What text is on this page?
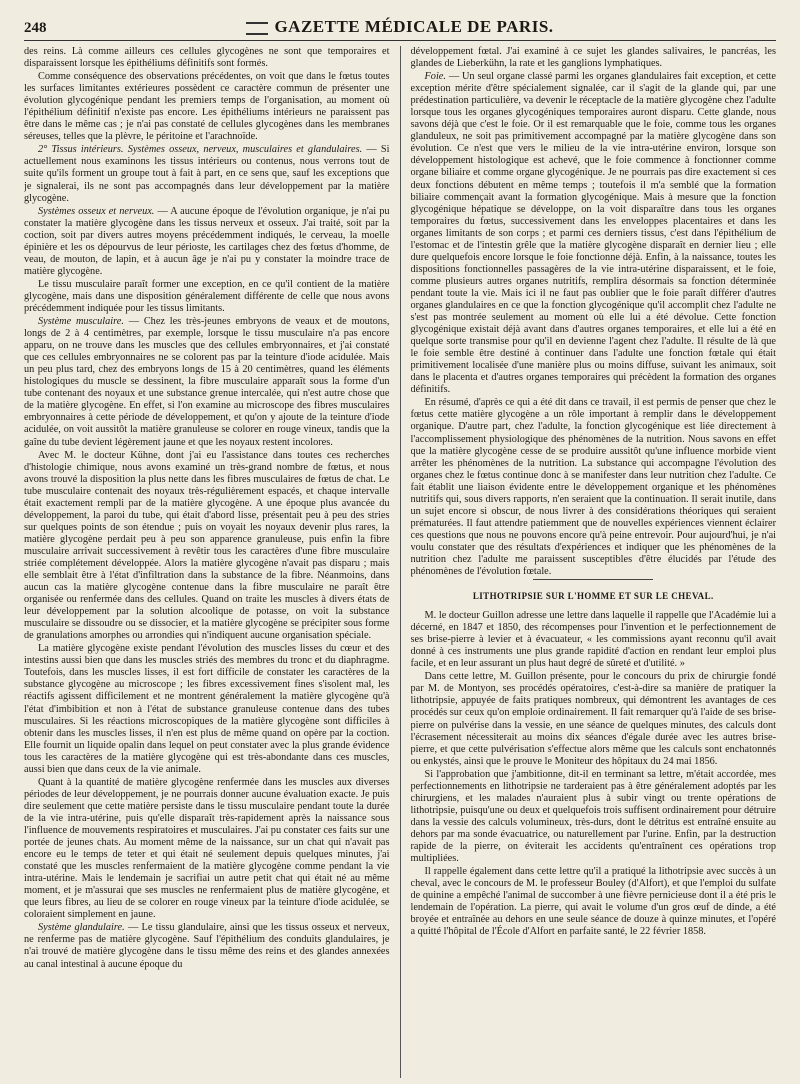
248	GAZETTE MÉDICALE DE PARIS.

des reins. Là comme ailleurs ces cellules glycogènes ne sont que temporaires et disparaissent lorsque les épithéliums définitifs sont formés.

Comme conséquence des observations précédentes, on voit que dans le fœtus toutes les surfaces limitantes extérieures possèdent ce caractère commun de présenter une évolution glycogénique pendant les premiers temps de l'organisation, au moment où l'épithélium définitif n'existe pas encore. Les épithéliums intérieurs ne paraissent pas être dans le même cas ; je n'ai pas constaté de cellules glycogènes dans les membranes séreuses, telles que la plèvre, le péritoine et l'arachnoïde.

2° Tissus intérieurs. Systèmes osseux, nerveux, musculaires et glandulaires. — Si actuellement nous examinons les tissus intérieurs ou contenus, nous verrons tout de suite qu'ils forment un groupe tout à fait à part, en ce sens que, sauf les exceptions que je signalerai, ils ne sont pas accompagnés dans leur développement par la matière glycogène.

Systèmes osseux et nerveux. — A aucune époque de l'évolution organique, je n'ai pu constater la matière glycogène dans les tissus nerveux et osseux. J'ai traité, soit par la coction, soit par divers autres moyens précédemment indiqués, le cerveau, la moelle épinière et les os dépourvus de leur périoste, les cartilages chez des fœtus d'homme, de veau, de mouton, de lapin, et à aucun âge je n'ai pu y constater la moindre trace de matière glycogène.

Le tissu musculaire paraît former une exception, en ce qu'il contient de la matière glycogène, mais dans une disposition généralement différente de celle que nous avons précédemment indiquée pour les tissus limitants.

Système musculaire. — Chez les très-jeunes embryons de veaux et de moutons, longs de 2 à 4 centimètres, par exemple, lorsque le tissu musculaire n'a pas encore apparu, on ne trouve dans les muscles que des cellules embryonnaires, et j'ai constaté que ces cellules embryonnaires ne se colorent pas par la teinture d'iode acidulée. Mais un peu plus tard, chez des embryons longs de 15 à 20 centimètres, quand les éléments histologiques du muscle se dessinent, la fibre musculaire apparaît sous la forme d'un tube contenant des noyaux et une substance grenue intercalée, qui n'est autre chose que de la matière glycogène. En effet, si l'on examine au microscope des fibres musculaires embryonnaires à cette période de développement, et qu'on y ajoute de la teinture d'iode acidulée, on voit aussitôt la matière granuleuse se colorer en rouge vineux, tandis que la gaîne du tube devient légèrement jaune et que les noyaux restent incolores.

Avec M. le docteur Kühne, dont j'ai eu l'assistance dans toutes ces recherches d'histologie chimique, nous avons examiné un très-grand nombre de fœtus, et nous avons trouvé la disposition la plus nette dans les fibres musculaires de fœtus de chat. Le tube musculaire contenait des noyaux très-régulièrement espacés, et chaque intervalle était exactement rempli par de la matière glycogène. A une époque plus avancée du développement, la paroi du tube, qui était d'abord lisse, présentait peu à peu des stries sur quelques points de son étendue ; puis on voyait les noyaux devenir plus rares, la matière glycogène perdait peu à peu son apparence granuleuse, puis enfin la fibre musculaire arrivait successivement à revêtir tous les caractères d'une fibre musculaire striée complétement développée. Alors la matière glycogène n'avait pas disparu ; mais elle semblait être à l'état d'infiltration dans la substance de la fibre. Néanmoins, dans aucun cas la matière glycogène contenue dans la fibre musculaire ne paraît être organisée ou renfermée dans des cellules. Quand on traite les muscles à divers états de leur développement par la solution alcoolique de potasse, on voit la substance musculaire se dissoudre ou se dissocier, et la matière glycogène se précipiter sous forme de granulations amorphes ou arrondies qui n'indiquent aucune organisation spéciale.

La matière glycogène existe pendant l'évolution des muscles lisses du cœur et des intestins aussi bien que dans les muscles striés des membres du tronc et du diaphragme. Toutefois, dans les muscles lisses, il est fort difficile de constater les caractères de la substance glycogène au microscope ; les fibres excessivement fines s'isolent mal, les réactifs agissent difficilement et ne montrent généralement la matière glycogène qu'à l'état d'imbibition et non à l'état de substance granuleuse contenue dans des tubes musculaires. Si les réactions microscopiques de la matière glycogène sont difficiles à obtenir dans les muscles lisses, il n'en est plus de même quand on opère par la coction. Elle fournit un liquide opalin dans lequel on peut constater avec la plus grande évidence tous les caractères de la matière glycogène qui est très-abondante dans ces muscles, aussi bien que dans ceux de la vie animale.

Quant à la quantité de matière glycogène renfermée dans les muscles aux diverses périodes de leur développement, je ne pourrais donner aucune évaluation exacte. Je puis dire seulement que cette matière persiste dans le tissu musculaire pendant toute la durée de la vie intra-utérine, puis qu'elle disparaît très-rapidement après la naissance sous l'influence de mouvements respiratoires et musculaires. J'ai pu constater ces faits sur une portée de jeunes chats. Au moment même de la naissance, sur un chat qui n'avait pas encore eu le temps de teter et qui était né seulement depuis quelques minutes, j'ai constaté que les muscles renfermaient de la matière glycogène comme pendant la vie intra-utérine. Mais le lendemain je sacrifiai un autre petit chat qui était né au même moment, et je m'assurai que ses muscles ne renfermaient plus de matière glycogène, et que leurs fibres, au lieu de se colorer en rouge vineux par la teinture d'iode acidulée, se coloraient simplement en jaune.

Système glandulaire. — Le tissu glandulaire, ainsi que les tissus osseux et nerveux, ne renferme pas de matière glycogène. Sauf l'épithélium des conduits glandulaires, je n'ai trouvé de matière glycogène dans le tissu même des reins et des glandes annexées au canal intestinal à aucune époque du

développement fœtal. J'ai examiné à ce sujet les glandes salivaires, le pancréas, les glandes de Lieberkühn, la rate et les ganglions lymphatiques.

Foie. — Un seul organe classé parmi les organes glandulaires fait exception, et cette exception mérite d'être spécialement signalée, car il s'agit de la glande qui, par une prédestination particulière, va devenir le réceptacle de la matière glycogène chez l'adulte lorsque tous les organes glycogéniques temporaires auront disparu. Cette glande, nous savons déjà que c'est le foie. Or il est remarquable que le foie, comme tous les organes glanduleux, ne soit pas primitivement accompagné par la matière glycogène dans son évolution. Ce n'est que vers le milieu de la vie intra-utérine environ, lorsque son développement histologique est achevé, que le foie commence à fonctionner comme organe biliaire et comme organe glycogénique. Je ne pourrais pas dire exactement si ces deux fonctions débutent en même temps ; toutefois il m'a semblé que la formation biliaire commençait avant la formation glycogénique. Mais à mesure que la fonction glycogénique hépatique se développe, on la voit disparaître dans tous les organes temporaires du fœtus, successivement dans les enveloppes placentaires et dans les organes limitants de son corps ; et parmi ces derniers tissus, c'est dans l'épithélium de l'estomac et de l'intestin grêle que la matière glycogène disparaît en dernier lieu ; elle dure quelquefois encore lorsque le foie fonctionne déjà. Enfin, à la naissance, toutes les dispositions fonctionnelles passagères de la vie intra-utérine disparaissent, et le foie, comme plusieurs autres organes nutritifs, remplira désormais sa fonction déterminée pendant toute la vie. Mais ici il ne faut pas oublier que le foie paraît différer d'autres organes glandulaires en ce que la fonction glycogénique qu'il accomplit chez l'adulte ne s'est pas montrée seulement au moment où elle lui a été dévolue. Cette fonction glycogénique existait déjà avant dans d'autres organes temporaires, et elle lui a été en quelque sorte transmise pour qu'il en devienne l'agent chez l'adulte. Il résulte de là que le foie semble être destiné à continuer dans l'adulte une fonction fœtale qui était primitivement localisée d'une manière plus ou moins diffuse, suivant les animaux, soit dans le placenta et d'autres organes temporaires qui précèdent la formation des organes définitifs.

En résumé, d'après ce qui a été dit dans ce travail, il est permis de penser que chez le fœtus cette matière glycogène a un rôle important à remplir dans le développement organique. D'autre part, chez l'adulte, la fonction glycogénique est liée directement à l'accomplissement physiologique des phénomènes de la nutrition. Nous savons en effet que la matière glycogène cesse de se produire aussitôt qu'une influence morbide vient arrêter les phénomènes de la nutrition. La substance qui accompagne l'évolution des organes chez le fœtus continue donc à se manifester dans leur nutrition chez l'adulte. Ce fait établit une liaison évidente entre le développement organique et les phénomènes nutritifs qui, sous divers rapports, n'en seraient que la continuation. Il serait inutile, dans un sujet encore si obscur, de nous livrer à des considérations théoriques qui seraient prématurées. Il faut attendre patiemment que de nouvelles expériences viennent éclairer ces questions que nous ne pouvons encore qu'à peine entrevoir. Pour aujourd'hui, je n'ai voulu constater que des résultats d'expériences et indiquer que les phénomènes de la nutrition chez l'adulte me paraissent susceptibles d'être élucidés par l'étude des phénomènes de l'évolution fœtale.

LITHOTRIPSIE SUR L'HOMME ET SUR LE CHEVAL.

M. le docteur Guillon adresse une lettre dans laquelle il rappelle que l'Académie lui a décerné, en 1847 et 1850, des récompenses pour l'invention et le perfectionnement de ses brise-pierre à levier et à évacuateur, « les commissions ayant reconnu qu'il avait donné à ces instruments une plus grande rapidité d'action en rendant leur emploi plus facile, et en leur assurant un plus haut degré de sûreté et d'utilité. »

Dans cette lettre, M. Guillon présente, pour le concours du prix de chirurgie fondé par M. de Montyon, ses procédés opératoires, c'est-à-dire sa manière de pratiquer la lithotripsie, appuyée de faits pratiques nombreux, qui démontrent les avantages de ces procédés sur ceux qu'on emploie ordinairement. Il fait remarquer qu'à l'aide de ses brise-pierre on pulvérise dans la vessie, en une séance de quelques minutes, des calculs dont l'écrasement nécessiterait au moins dix séances d'égale durée avec les autres brise-pierre, et que cette pulvérisation s'effectue alors même que les calculs sont enchatonnés ou enkystés, ainsi que le prouve le Moniteur des hôpitaux du 24 mai 1856.

Si l'approbation que j'ambitionne, dit-il en terminant sa lettre, m'était accordée, mes perfectionnements en lithotripsie ne tarderaient pas à être généralement adoptés par les chirurgiens, et les malades n'auraient plus à subir vingt ou trente opérations de lithotripsie, puisqu'une ou deux et quelquefois trois suffisent ordinairement pour détruire dans la vessie des calculs volumineux, très-durs, dont le détritus est entraîné ensuite au dehors par ma sonde évacuatrice, ou naturellement par l'urine. Enfin, par la destruction rapide de la pierre, on éviterait les accidents qu'entraînent ces opérations trop multipliées.

Il rappelle également dans cette lettre qu'il a pratiqué la lithotripsie avec succès à un cheval, avec le concours de M. le professeur Bouley (d'Alfort), et que l'emploi du sulfate de quinine a empêché l'animal de succomber à une fièvre pernicieuse dont il a été pris le lendemain de l'opération. La pierre, qui avait le volume d'un gros œuf de dinde, a été broyée et entraînée au dehors en une seule séance de douze à quinze minutes, et l'opéré a quitté l'hôpital de l'École d'Alfort en parfaite santé, le 22 février 1858.
